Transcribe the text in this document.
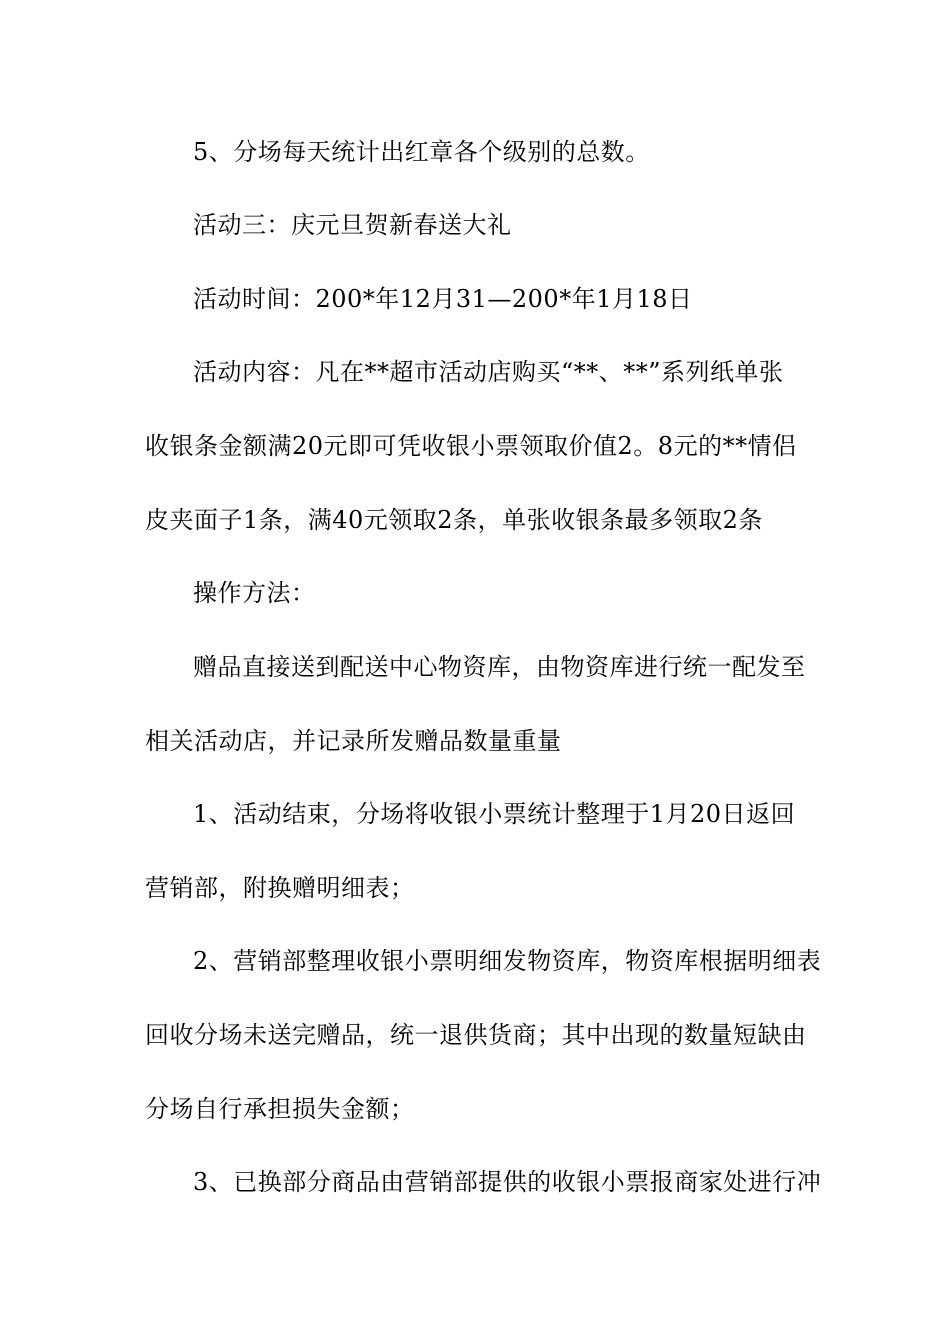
5、分场每天统计出红章各个级别的总数。
活动三：庆元旦贺新春送大礼
活动时间：200*年12月31—200*年1月18日
活动内容：凡在**超市活动店购买“**、**”系列纸单张
收银条金额满20元即可凭收银小票领取价值2。8元的**情侣
皮夹面子1条，满40元领取2条，单张收银条最多领取2条
操作方法：
赠品直接送到配送中心物资库，由物资库进行统一配发至
相关活动店，并记录所发赠品数量重量
1、活动结束，分场将收银小票统计整理于1月20日返回
营销部，附换赠明细表；
2、营销部整理收银小票明细发物资库，物资库根据明细表
回收分场未送完赠品，统一退供货商；其中出现的数量短缺由
分场自行承担损失金额；
3、已换部分商品由营销部提供的收银小票报商家处进行冲
